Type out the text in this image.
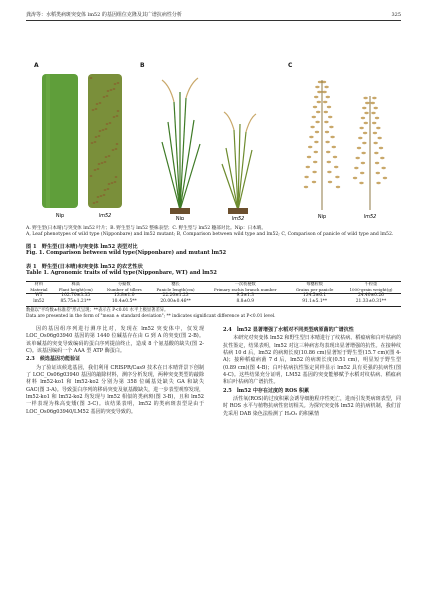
龚涛等：水稻类病斑突变体 lm52 的基因组位克隆及其广谱抗病性分析	325
A	B	C
Nip	lm52	Nip	lm52	Nip	lm52
A. 野生型(日本晴)与突变体 lm52 叶片；B. 野生型与 lm52 整株表型；C. 野生型与 lm52 穗部对比。Nip：日本晴。
A, Leaf phenotypes of wild type (Nipponbare) and lm52 mutant; B, Comparison between wild type and lm52; C, Comparison of panicle of wild type and lm52.
图 1　野生型(日本晴)与突变体 lm52 表型对比
Fig. 1. Comparison between wild type(Nipponbare) and mutant lm52
表 1　野生型(日本晴)和突变体 lm52 的农艺性状
Table 1. Agronomic traits of wild type(Nipponbare, WT) and lm52
材料	株高	分蘖数	穗长	一次枝梗数	每穗粒数	千粒重
Material	Plant height(cm)	Number of tillers	Panicle length(cm)	Primary rachis branch number	Grains per panicle	1000-grain weight(g)
WT	102.70±3.35	13.8±1.0	22.20±1.23	9.5±1.3	134.5±6.1	24.40±0.26
lm52	85.75±1.21**	10.4±0.5**	20.00±0.46**	8.8±0.9	91.1±5.1**	21.33±0.31**
数据以"平均数±标准差"形式呈现；**表示在 P<0.01 水平上极显著差异。
Data are presented in the form of "mean ± standard deviation"; ** indicates significant difference at P<0.01 level.
因的基因组序列进行测序比对，发现在 lm52 突变体中，仅发现 LOC_Os06g03940 基因的第 1440 位碱基存在由 G 到 A 的突变(图 2-B)。该单碱基的突变导致编码的蛋白序列提前终止，造成 8 个氨基酸的缺失(图 2-C)。该基因编码一个 AAA 型 ATP 酶蛋白。
2.3　候选基因功能验证
为了验证该候选基因，我们利用 CRISPR/Cas9 技术在日本晴背景下创制了 LOC_Os06g03940 基因的敲除材料，测序分析发现，两种突变类型的敲除材料 lm52-ko1 和 lm52-ko2 分别为第 358 位碱基处缺失 GA 和缺失 GAC(图 3-A)。导致蛋白序列的移码突变及氨基酸缺失，进一步表型观察发现，lm52-ko1 和 lm52-ko2 均发现与 lm52 相似的类病斑(图 3-B)，且和 lm52 一样表现为株高变矮(图 3-C)。该结果表明，lm52 的类病斑表型是由于 LOC_Os06g03940/LM52 基因的突变导致的。
2.4　lm52 显著增强了水稻对不同类型病原菌的广谱抗性
本研究对突变体 lm52 和野生型日本晴进行了纹枯病、稻瘟病和白叶枯病的抗性鉴定，结果表明，lm52 对这三种病害均表现出显著增强的抗性。在接种纹枯病 10 d 后，lm52 的病斑长度(10.86 cm)显著短于野生型(15.7 cm)(图 4-A)；接种稻瘟病菌 7 d 后，lm52 的病斑长度(0.51 cm)，明显短于野生型(0.89 cm)(图 4-B)；白叶枯病抗性鉴定同样显示 lm52 具有更强的抗病性(图 4-C)。这些结果充分证明，LM52 基因的突变能够赋予水稻对纹枯病、稻瘟病和白叶枯病的广谱抗性。
2.5　lm52 中存在过度的 ROS 积累
活性氧(ROS)的过度积累会诱导细胞程序性死亡，进而引发类病斑表型，同时 ROS 水平与植物抗病性密切相关。为探究突变体 lm52 的抗病机制，我们首先采用 DAB 染色法检测了 H₂O₂ 的积累情
